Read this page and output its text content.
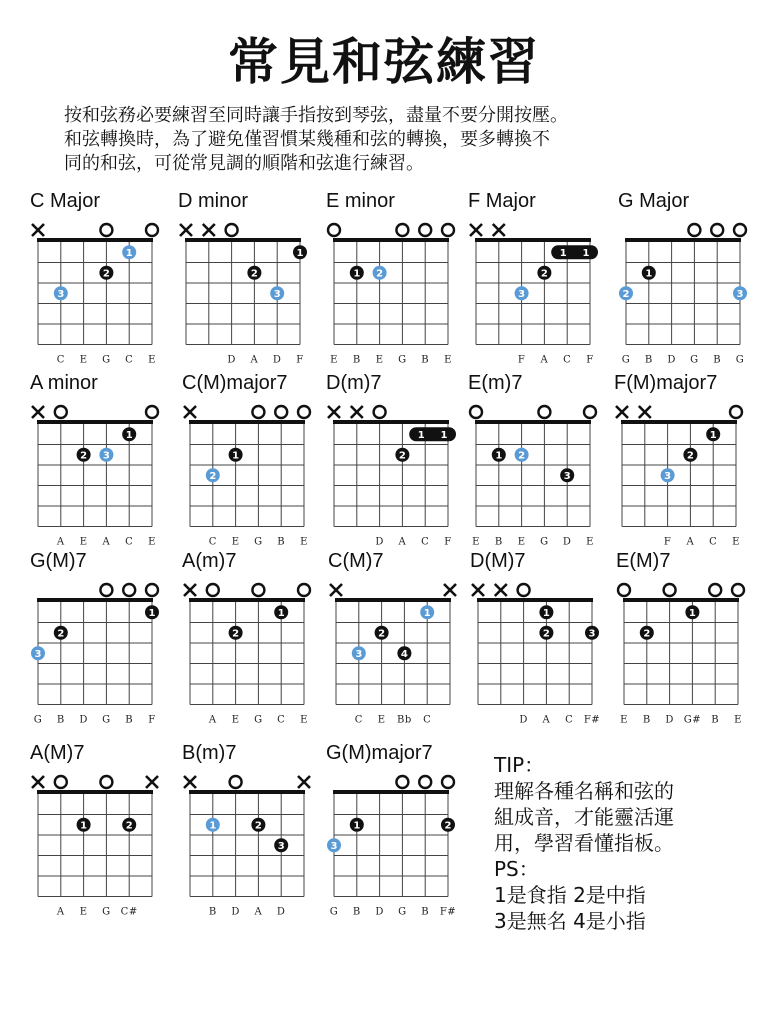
常見和弦練習
按和弦務必要練習至同時讓手指按到琴弦，盡量不要分開按壓。
和弦轉換時，為了避免僅習慣某幾種和弦的轉換，要多轉換不
同的和弦，可從常見調的順階和弦進行練習。
C Major
3
2
1
C E G C E
D minor
2
3
1
D A D F
E minor
1 2
E B E G B E
F Major
1 1
2
3
F A C F
G Major
1
2	3
G B D G B G
A minor
1
2 3
A E A C E
C(M)major7
2
1
C E G B E
D(m)7
1 1
2
D A C F
E(m)7
1 2
3
E B E G D E
F(M)major7
1
2
3
F A C E
G(M)7
1
2
3
G B D G B F
A(m)7
1
2
A E G C E
C(M)7
1
2
3	4
C E Bb C
D(M)7
1
2	3
D A C F#
E(M)7
1
2
E B D G# B E
A(M)7
1	2
A E G C#
B(m)7
1	2
3
B D A D
G(M)major7
1	2
3
G B D G B F#
TIP：
理解各種名稱和弦的
組成音，才能靈活運
用，學習看懂指板。
PS：
1是食指 2是中指
3是無名 4是小指
